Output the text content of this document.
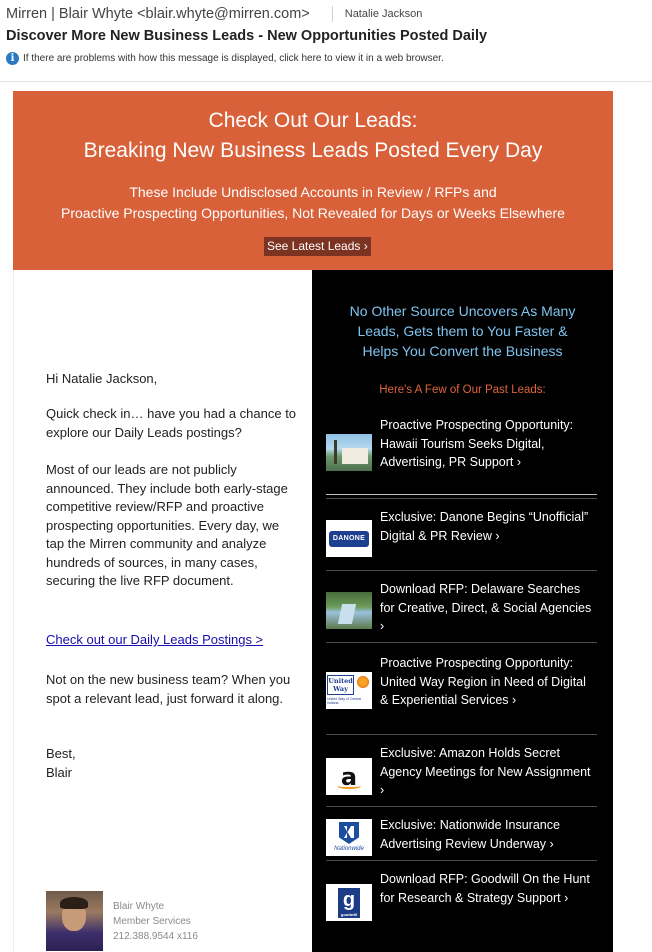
Mirren | Blair Whyte <blair.whyte@mirren.com>	Natalie Jackson
Discover More New Business Leads - New Opportunities Posted Daily
i If there are problems with how this message is displayed, click here to view it in a web browser.
Check Out Our Leads:
Breaking New Business Leads Posted Every Day
These Include Undisclosed Accounts in Review / RFPs and
Proactive Prospecting Opportunities, Not Revealed for Days or Weeks Elsewhere
See Latest Leads ›
Hi Natalie Jackson,
Quick check in… have you had a chance to explore our Daily Leads postings?
Most of our leads are not publicly announced. They include both early-stage competitive review/RFP and proactive prospecting opportunities. Every day, we tap the Mirren community and analyze hundreds of sources, in many cases, securing the live RFP document.
Check out our Daily Leads Postings >
Not on the new business team? When you spot a relevant lead, just forward it along.
Best,
Blair
Blair Whyte
Member Services
212.388.9544 x116
No Other Source Uncovers As Many Leads, Gets them to You Faster & Helps You Convert the Business
Here's A Few of Our Past Leads:
Proactive Prospecting Opportunity: Hawaii Tourism Seeks Digital, Advertising, PR Support ›
DANONE
Exclusive: Danone Begins “Unofficial” Digital & PR Review ›
Download RFP: Delaware Searches for Creative, Direct, & Social Agencies ›
United Way
United Way of Central Indiana
Proactive Prospecting Opportunity: United Way Region in Need of Digital & Experiential Services ›
a
Exclusive: Amazon Holds Secret Agency Meetings for New Assignment ›
Nationwide
Exclusive: Nationwide Insurance Advertising Review Underway ›
g
goodwill
Download RFP: Goodwill On the Hunt for Research & Strategy Support ›
